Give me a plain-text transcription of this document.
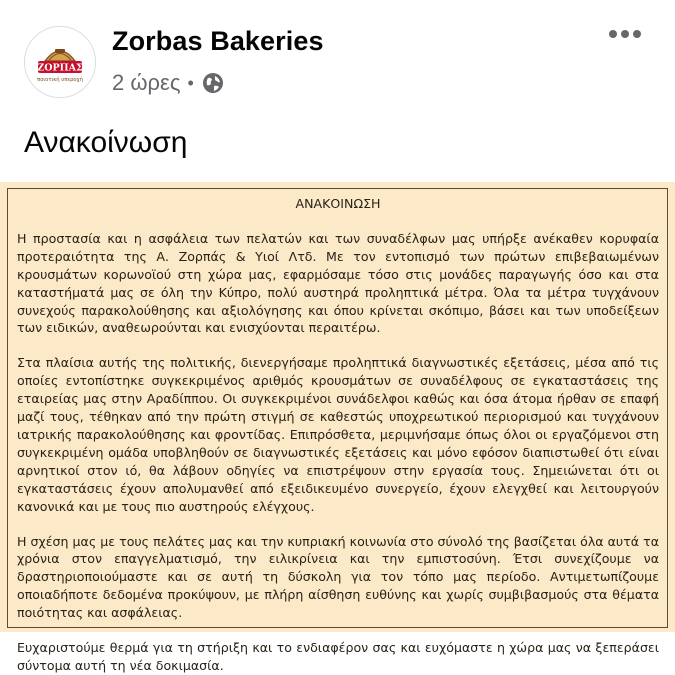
ΖΟΡΠΑΣ
ποιοτική υπεροχή
Zorbas Bakeries
2 ώρες •
Ανακοίνωση
ΑΝΑΚΟΙΝΩΣΗ

Η προστασία και η ασφάλεια των πελατών και των συναδέλφων μας υπήρξε ανέκαθεν κορυφαία προτεραιότητα της Α. Ζορπάς & Υιοί Λτδ. Με τον εντοπισμό των πρώτων επιβεβαιωμένων κρουσμάτων κορωνοϊού στη χώρα μας, εφαρμόσαμε τόσο στις μονάδες παραγωγής όσο και στα καταστήματά μας σε όλη την Κύπρο, πολύ αυστηρά προληπτικά μέτρα. Όλα τα μέτρα τυγχάνουν συνεχούς παρακολούθησης και αξιολόγησης και όπου κρίνεται σκόπιμο, βάσει και των υποδείξεων των ειδικών, αναθεωρούνται και ενισχύονται περαιτέρω.

Στα πλαίσια αυτής της πολιτικής, διενεργήσαμε προληπτικά διαγνωστικές εξετάσεις, μέσα από τις οποίες εντοπίστηκε συγκεκριμένος αριθμός κρουσμάτων σε συναδέλφους σε εγκαταστάσεις της εταιρείας μας στην Αραδίππου. Οι συγκεκριμένοι συνάδελφοι καθώς και όσα άτομα ήρθαν σε επαφή μαζί τους, τέθηκαν από την πρώτη στιγμή σε καθεστώς υποχρεωτικού περιορισμού και τυγχάνουν ιατρικής παρακολούθησης και φροντίδας. Επιπρόσθετα, μεριμνήσαμε όπως όλοι οι εργαζόμενοι στη συγκεκριμένη ομάδα υποβληθούν σε διαγνωστικές εξετάσεις και μόνο εφόσον διαπιστωθεί ότι είναι αρνητικοί στον ιό, θα λάβουν οδηγίες να επιστρέψουν στην εργασία τους. Σημειώνεται ότι οι εγκαταστάσεις έχουν απολυμανθεί από εξειδικευμένο συνεργείο, έχουν ελεγχθεί και λειτουργούν κανονικά και με τους πιο αυστηρούς ελέγχους.

Η σχέση μας με τους πελάτες μας και την κυπριακή κοινωνία στο σύνολό της βασίζεται όλα αυτά τα χρόνια στον επαγγελματισμό, την ειλικρίνεια και την εμπιστοσύνη. Έτσι συνεχίζουμε να δραστηριοποιούμαστε και σε αυτή τη δύσκολη για τον τόπο μας περίοδο. Αντιμετωπίζουμε οποιαδήποτε δεδομένα προκύψουν, με πλήρη αίσθηση ευθύνης και χωρίς συμβιβασμούς στα θέματα ποιότητας και ασφάλειας.

Ευχαριστούμε θερμά για τη στήριξη και το ενδιαφέρον σας και ευχόμαστε η χώρα μας να ξεπεράσει σύντομα αυτή τη νέα δοκιμασία.
